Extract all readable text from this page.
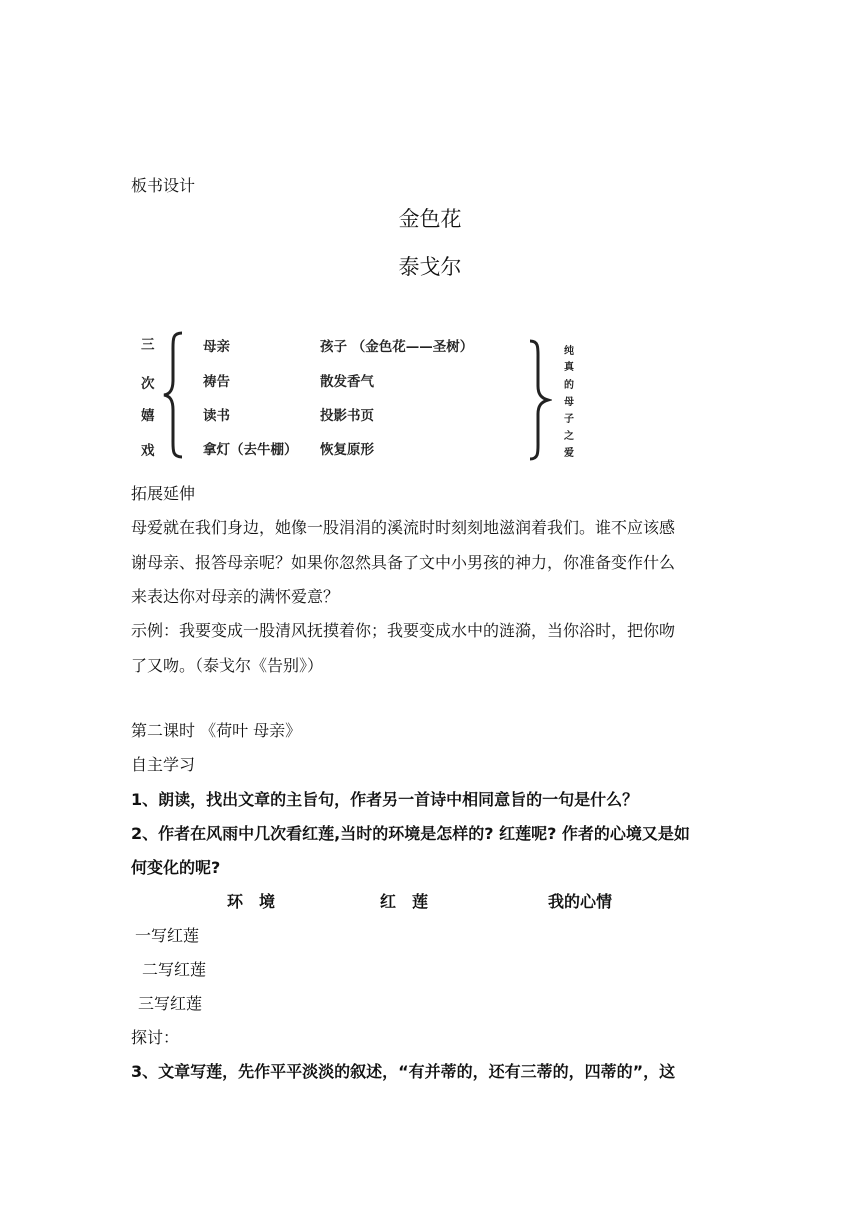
板书设计
金色花
泰戈尔
三
次
嬉
戏
母亲	孩子 （金色花——圣树）
祷告	散发香气
读书	投影书页
拿灯（去牛棚） 恢复原形
纯
真
的
母
子
之
爱
拓展延伸
母爱就在我们身边，她像一股涓涓的溪流时时刻刻地滋润着我们。谁不应该感
谢母亲、报答母亲呢？如果你忽然具备了文中小男孩的神力，你准备变作什么
来表达你对母亲的满怀爱意？
示例：我要变成一股清风抚摸着你；我要变成水中的涟漪，当你浴时，把你吻
了又吻。（泰戈尔《告别》）
第二课时 《荷叶 母亲》
自主学习
1、朗读，找出文章的主旨句，作者另一首诗中相同意旨的一句是什么？
2、作者在风雨中几次看红莲,当时的环境是怎样的? 红莲呢? 作者的心境又是如
何变化的呢?
环　境	红　莲	我的心情
一写红莲
二写红莲
三写红莲
探讨：
3、文章写莲，先作平平淡淡的叙述，“有并蒂的，还有三蒂的，四蒂的”，这
